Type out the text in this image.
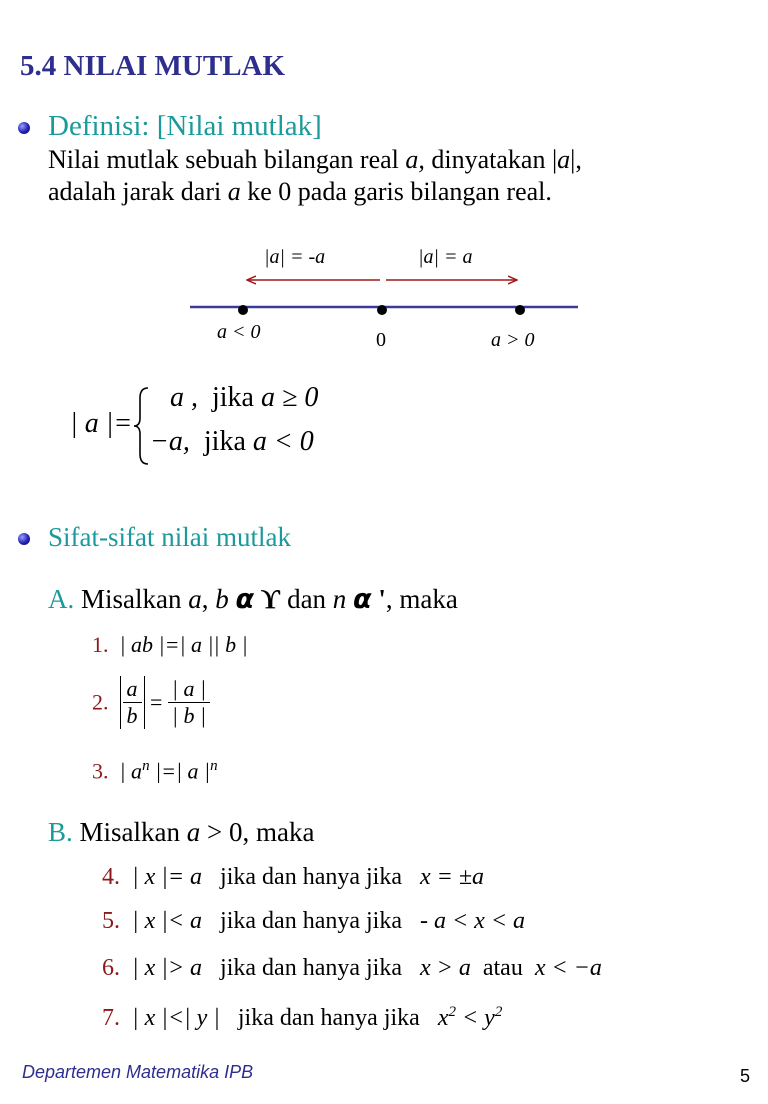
5.4 NILAI MUTLAK
Definisi: [Nilai mutlak]
Nilai mutlak sebuah bilangan real a, dinyatakan |a|,
adalah jarak dari a ke 0 pada garis bilangan real.
|a| = -a	|a| = a
a < 0	0	a > 0
| a |=
a , jika a ≥ 0
−a, jika a < 0
Sifat-sifat nilai mutlak
A. Misalkan a, b 𝞪 ϒ dan n 𝞪 ', maka
1. | ab |=| a || b |
2. $\frac{a}{b} = \frac{| a |}{| b |}$
3. | $a^n$ |=| a $|^n$
B. Misalkan a > 0, maka
4. | x |= a jika dan hanya jika x = ±a
5. | x |< a jika dan hanya jika - a < x < a
6. | x |> a jika dan hanya jika x > a atau x < −a
7. | x |<| y | jika dan hanya jika $x^2 < y^2$
Departemen Matematika IPB	5
